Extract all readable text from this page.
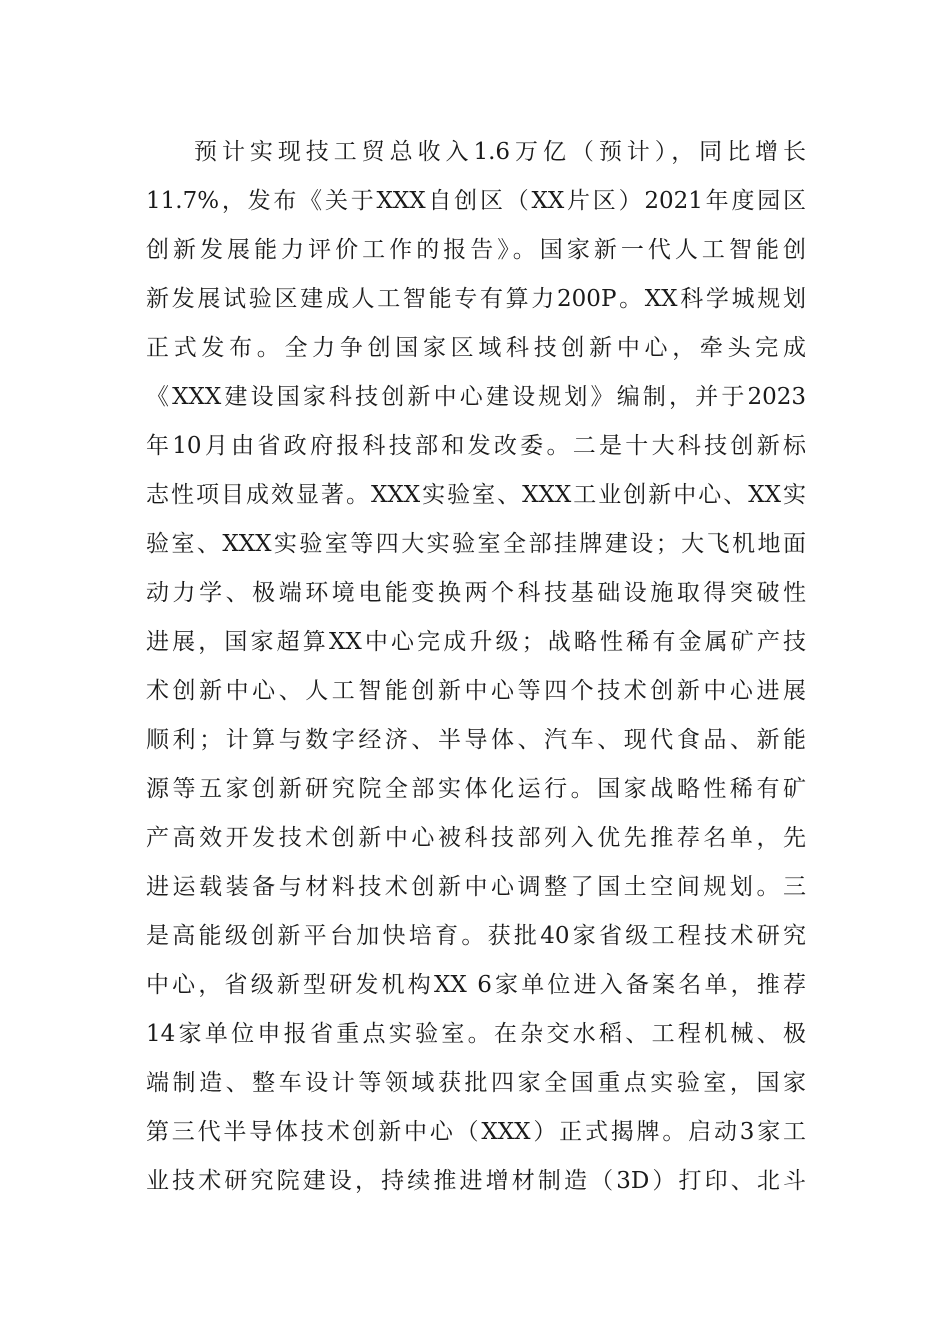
预计实现技工贸总收入1.6万亿（预计），同比增长
11.7%，发布《关于XXX自创区（XX片区）2021年度园区
创新发展能力评价工作的报告》。国家新一代人工智能创
新发展试验区建成人工智能专有算力200P。XX科学城规划
正式发布。全力争创国家区域科技创新中心，牵头完成
《XXX建设国家科技创新中心建设规划》编制，并于2023
年10月由省政府报科技部和发改委。二是十大科技创新标
志性项目成效显著。XXX实验室、XXX工业创新中心、XX实
验室、XXX实验室等四大实验室全部挂牌建设；大飞机地面
动力学、极端环境电能变换两个科技基础设施取得突破性
进展，国家超算XX中心完成升级；战略性稀有金属矿产技
术创新中心、人工智能创新中心等四个技术创新中心进展
顺利；计算与数字经济、半导体、汽车、现代食品、新能
源等五家创新研究院全部实体化运行。国家战略性稀有矿
产高效开发技术创新中心被科技部列入优先推荐名单，先
进运载装备与材料技术创新中心调整了国土空间规划。三
是高能级创新平台加快培育。获批40家省级工程技术研究
中心，省级新型研发机构XX 6家单位进入备案名单，推荐
14家单位申报省重点实验室。在杂交水稻、工程机械、极
端制造、整车设计等领域获批四家全国重点实验室，国家
第三代半导体技术创新中心（XXX）正式揭牌。启动3家工
业技术研究院建设，持续推进增材制造（3D）打印、北斗
